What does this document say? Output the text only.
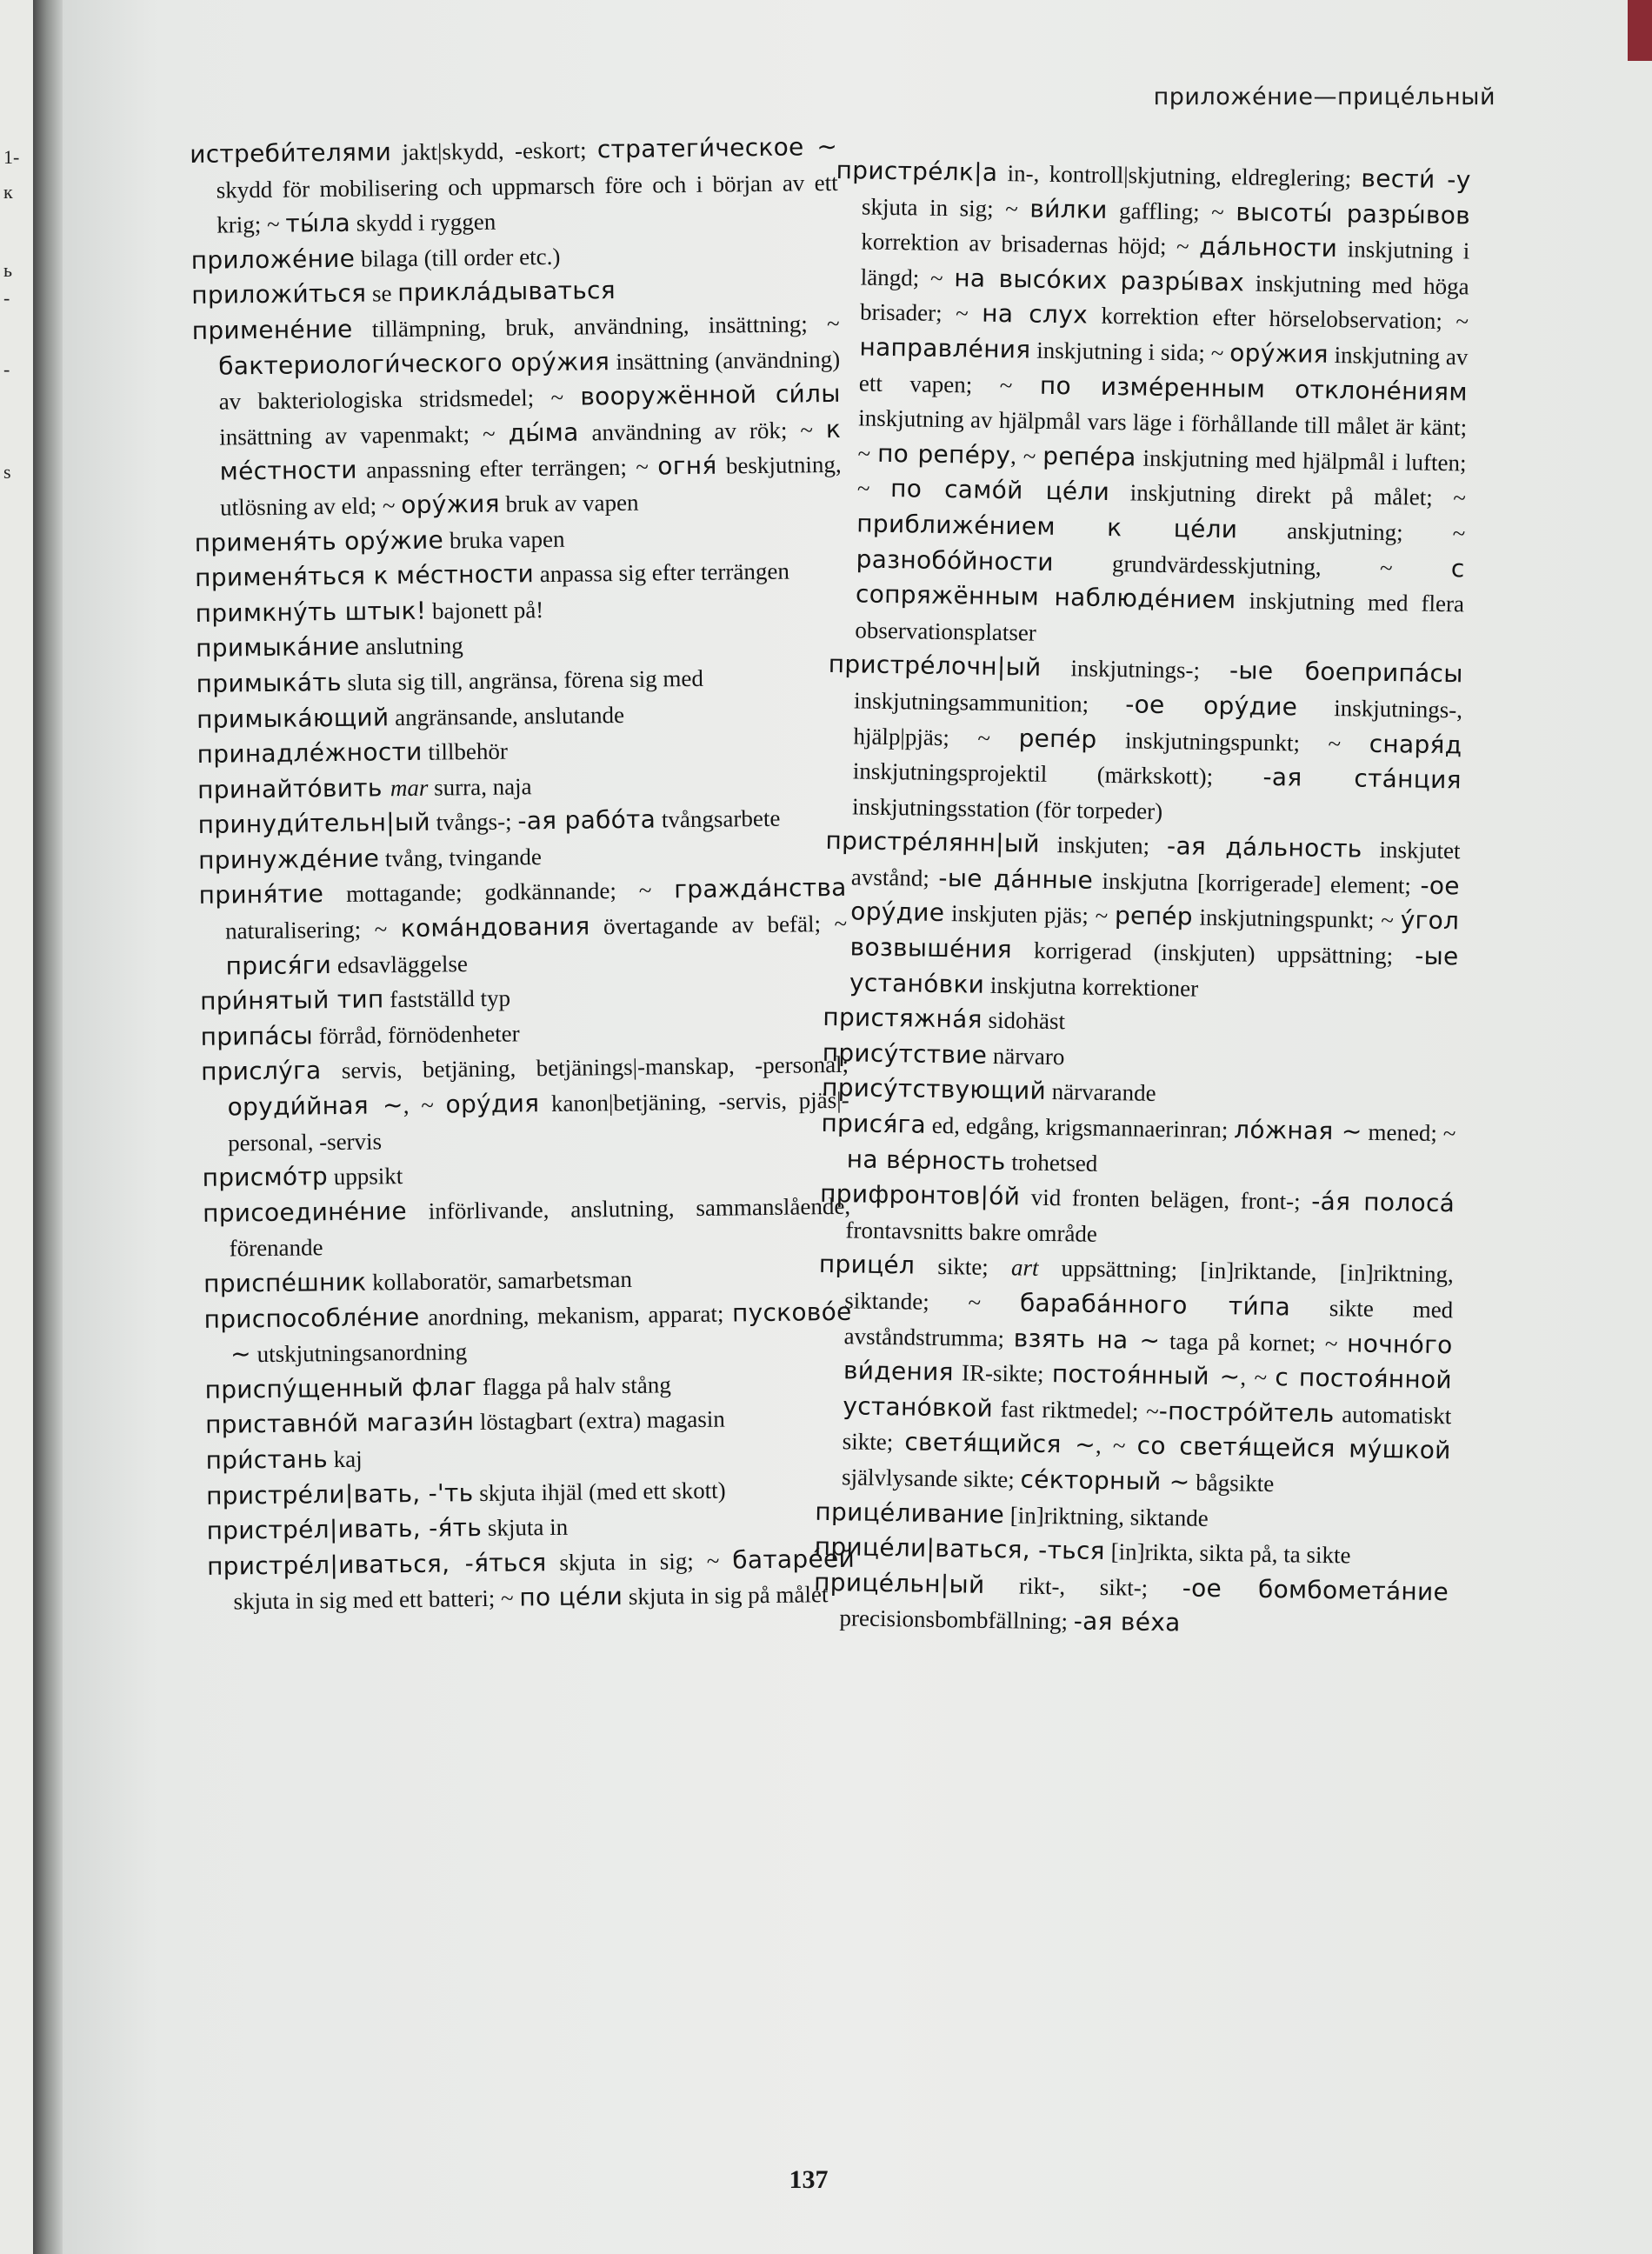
1-
к
ь
-
-
s
приложе́ние—прице́льный

истреби́телями jakt|skydd, -eskort; стратеги́ческое ~ skydd för mobilisering och uppmarsch före och i början av ett krig; ~ ты́ла skydd i ryggen

приложе́ние bilaga (till order etc.)

приложи́ться se прикла́дываться

примене́ние tillämpning, bruk, användning, insättning; ~ бактериологи́ческого ору́жия insättning (användning) av bakteriologiska stridsmedel; ~ вооружённой си́лы insättning av vapenmakt; ~ ды́ма användning av rök; ~ к ме́стности anpassning efter terrängen; ~ огня́ beskjutning, utlösning av eld; ~ ору́жия bruk av vapen

применя́ть ору́жие bruka vapen

применя́ться к ме́стности anpassa sig efter terrängen

примкну́ть штык! bajonett på!

примыка́ние anslutning

примыка́ть sluta sig till, angränsa, förena sig med

примыка́ющий angränsande, anslutande

принадле́жности tillbehör

принайто́вить mar surra, naja

принуди́тельн|ый tvångs-; -ая рабо́та tvångsarbete

принужде́ние tvång, tvingande

приня́тие mottagande; godkännande; ~ гражда́нства naturalisering; ~ кома́ндования övertagande av befäl; ~ прися́ги edsavläggelse

при́нятый тип fastställd typ

припа́сы förråd, förnödenheter

прислу́га servis, betjäning, betjänings|-manskap, -personal; оруди́йная ~, ~ ору́дия kanon|betjäning, -servis, pjäs|-personal, -servis

присмо́тр uppsikt

присоедине́ние införlivande, anslutning, sammanslående, förenande

приспе́шник kollaboratör, samarbetsman

приспособле́ние anordning, mekanism, apparat; пусково́е ~ utskjutningsanordning

приспу́щенный флаг flagga på halv stång

приставно́й магази́н löstagbart (extra) magasin

при́стань kaj

пристре́ли|вать, -'ть skjuta ihjäl (med ett skott)

пристре́л|ивать, -я́ть skjuta in

пристре́л|иваться, -я́ться skjuta in sig; ~ батаре́ей skjuta in sig med ett batteri; ~ по це́ли skjuta in sig på målet

пристре́лк|а in-, kontroll|skjutning, eldreglering; вести́ -у skjuta in sig; ~ ви́лки gaffling; ~ высоты́ разры́вов korrektion av brisadernas höjd; ~ да́льности inskjutning i längd; ~ на высо́ких разры́вах inskjutning med höga brisader; ~ на слух korrektion efter hörselobservation; ~ направле́ния inskjutning i sida; ~ ору́жия inskjutning av ett vapen; ~ по изме́ренным отклоне́ниям inskjutning av hjälpmål vars läge i förhållande till målet är känt; ~ по репе́ру, ~ репе́ра inskjutning med hjälpmål i luften; ~ по само́й це́ли inskjutning direkt på målet; ~ приближе́нием к це́ли anskjutning; ~ разнобо́йности grundvärdesskjutning, ~ с сопряжённым наблюде́нием inskjutning med flera observationsplatser

пристре́лочн|ый inskjutnings-; -ые боеприпа́сы inskjutningsammunition; -ое ору́дие inskjutnings-, hjälp|pjäs; ~ репе́р inskjutningspunkt; ~ снаря́д inskjutningsprojektil (märkskott); -ая ста́нция inskjutningsstation (för torpeder)

пристре́лянн|ый inskjuten; -ая да́льность inskjutet avstånd; -ые да́нные inskjutna [korrigerade] element; -ое ору́дие inskjuten pjäs; ~ репе́р inskjutningspunkt; ~ у́гол возвыше́ния korrigerad (inskjuten) uppsättning; -ые устано́вки inskjutna korrektioner

пристяжна́я sidohäst

прису́тствие närvaro

прису́тствующий närvarande

прися́га ed, edgång, krigsmannaerinran; ло́жная ~ mened; ~ на ве́рность trohetsed

прифронтов|о́й vid fronten belägen, front-; -а́я полоса́ frontavsnitts bakre område

прице́л sikte; art uppsättning; [in]riktande, [in]riktning, siktande; ~ бараба́нного ти́па sikte med avståndstrumma; взять на ~ taga på kornet; ~ ночно́го ви́дения IR-sikte; постоя́нный ~, ~ с постоя́нной устано́вкой fast riktmedel; ~-постро́йтель automatiskt sikte; светя́щийся ~, ~ со светя́щейся му́шкой självlysande sikte; се́кторный ~ bågsikte

прице́ливание [in]riktning, siktande

прице́ли|ваться, -ться [in]rikta, sikta på, ta sikte

прице́льн|ый rikt-, sikt-; -ое бомбомета́ние precisionsbombfällning; -ая ве́ха

137
